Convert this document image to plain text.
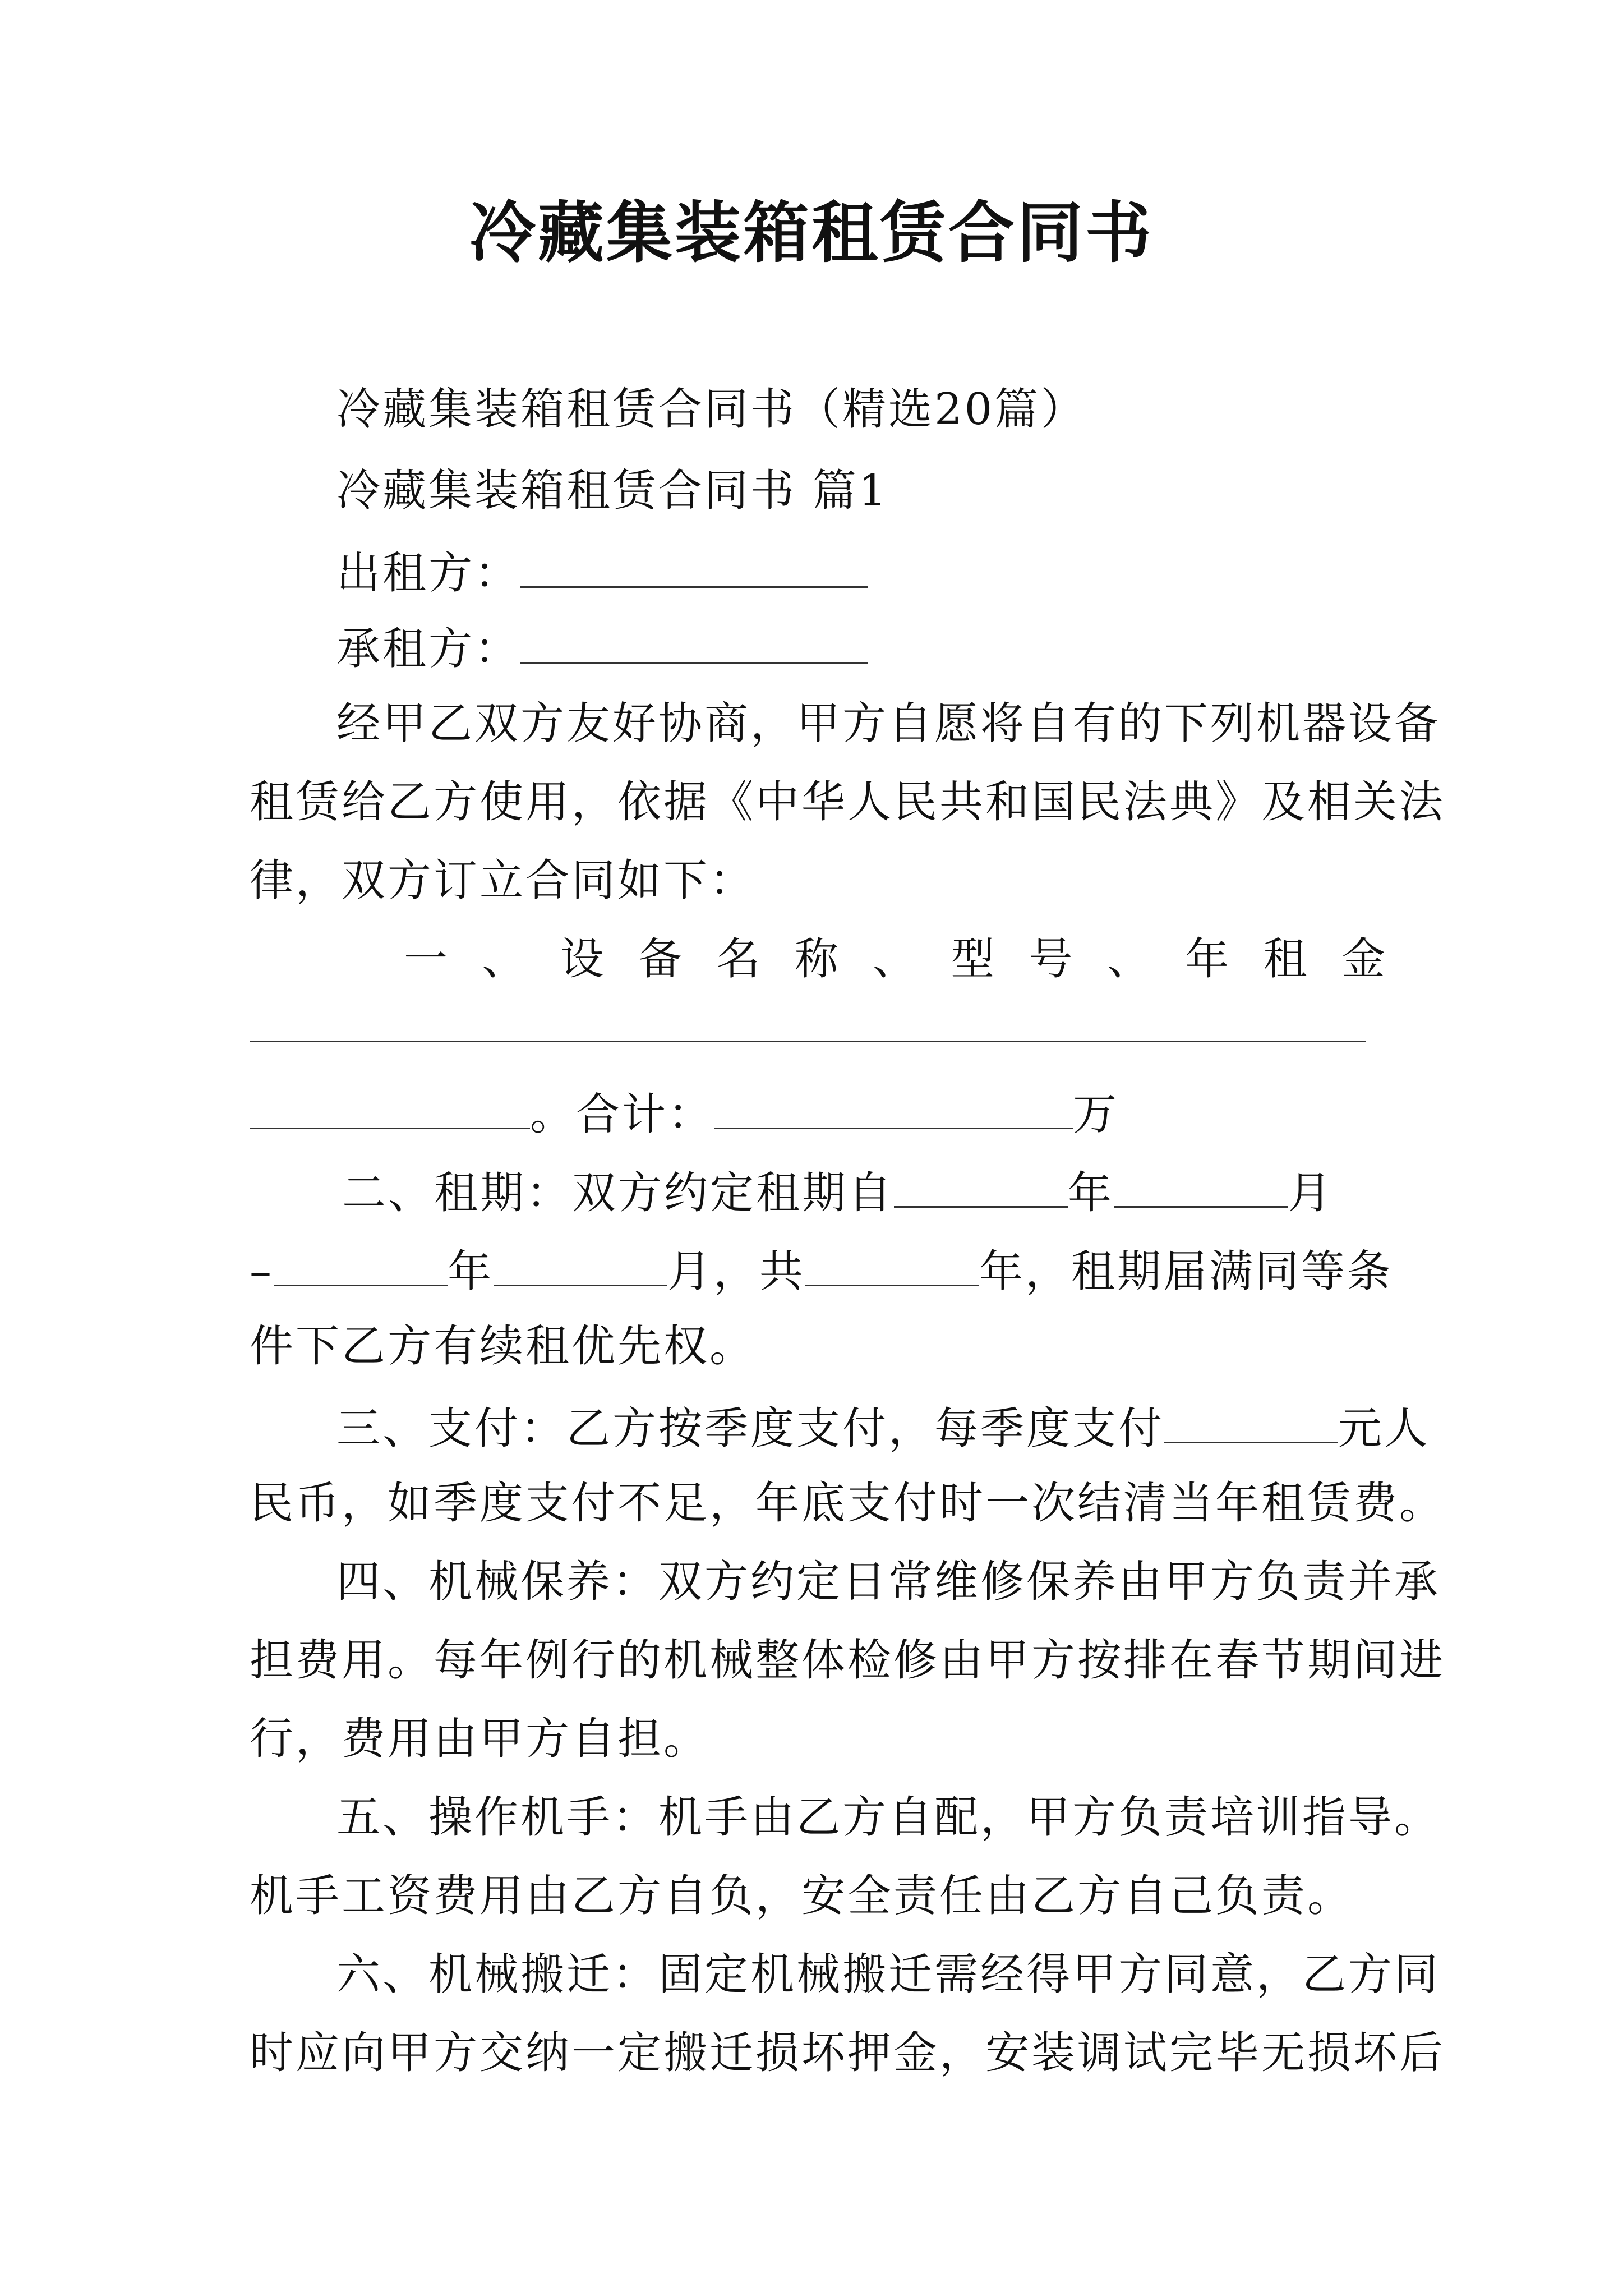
冷藏集装箱租赁合同书
冷藏集装箱租赁合同书（精选20篇）
冷藏集装箱租赁合同书 篇1
出租方：
承租方：
经甲乙双方友好协商，甲方自愿将自有的下列机器设备
租赁给乙方使用，依据《中华人民共和国民法典》及相关法
律，双方订立合同如下：
一 、 设 备 名 称 、 型 号 、 年 租 金
。合计：	万
二、租期：双方约定租期自	年	月
–	年	月，共	年，租期届满同等条
件下乙方有续租优先权。
三、支付：乙方按季度支付，每季度支付	元人
民币，如季度支付不足，年底支付时一次结清当年租赁费。
四、机械保养：双方约定日常维修保养由甲方负责并承
担费用。每年例行的机械整体检修由甲方按排在春节期间进
行，费用由甲方自担。
五、操作机手：机手由乙方自配，甲方负责培训指导。
机手工资费用由乙方自负，安全责任由乙方自己负责。
六、机械搬迁：固定机械搬迁需经得甲方同意，乙方同
时应向甲方交纳一定搬迁损坏押金，安装调试完毕无损坏后
